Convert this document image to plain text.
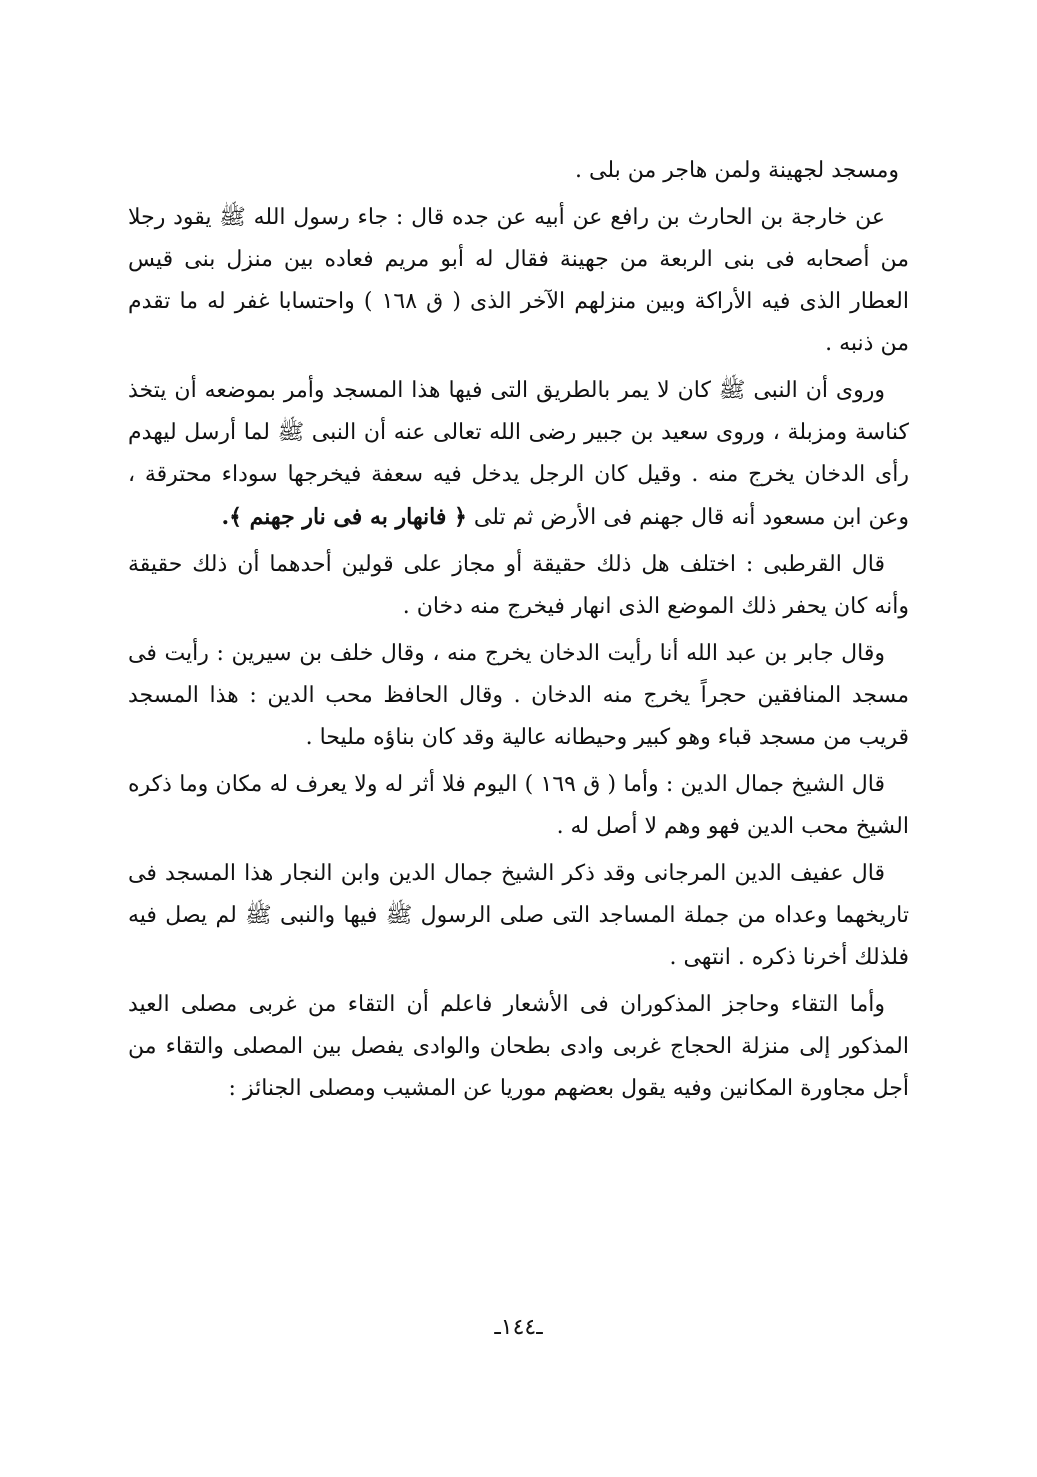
ومسجد لجهينة ولمن هاجر من بلى .

عن خارجة بن الحارث بن رافع عن أبيه عن جده قال : جاء رسول الله ﷺ يقود رجلا من أصحابه فى بنى الربعة من جهينة فقال له أبو مريم فعاده بين منزل بنى قيس العطار الذى فيه الأراكة وبين منزلهم الآخر الذى ( ق ١٦٨ ) واحتسابا غفر له ما تقدم من ذنبه .

وروى أن النبى ﷺ كان لا يمر بالطريق التى فيها هذا المسجد وأمر بموضعه أن يتخذ كناسة ومزبلة ، وروى سعيد بن جبير رضى الله تعالى عنه أن النبى ﷺ لما أرسل ليهدم رأى الدخان يخرج منه . وقيل كان الرجل يدخل فيه سعفة فيخرجها سوداء محترقة ، وعن ابن مسعود أنه قال جهنم فى الأرض ثم تلى ﴿ فانهار به فى نار جهنم ﴾.

قال القرطبى : اختلف هل ذلك حقيقة أو مجاز على قولين أحدهما أن ذلك حقيقة وأنه كان يحفر ذلك الموضع الذى انهار فيخرج منه دخان .

وقال جابر بن عبد الله أنا رأيت الدخان يخرج منه ، وقال خلف بن سيرين : رأيت فى مسجد المنافقين حجراً يخرج منه الدخان . وقال الحافظ محب الدين : هذا المسجد قريب من مسجد قباء وهو كبير وحيطانه عالية وقد كان بناؤه مليحا .

قال الشيخ جمال الدين : وأما ( ق ١٦٩ ) اليوم فلا أثر له ولا يعرف له مكان وما ذكره الشيخ محب الدين فهو وهم لا أصل له .

قال عفيف الدين المرجانى وقد ذكر الشيخ جمال الدين وابن النجار هذا المسجد فى تاريخهما وعداه من جملة المساجد التى صلى الرسول ﷺ فيها والنبى ﷺ لم يصل فيه فلذلك أخرنا ذكره . انتهى .

وأما التقاء وحاجز المذكوران فى الأشعار فاعلم أن التقاء من غربى مصلى العيد المذكور إلى منزلة الحجاج غربى وادى بطحان والوادى يفصل بين المصلى والتقاء من أجل مجاورة المكانين وفيه يقول بعضهم موريا عن المشيب ومصلى الجنائز :

ـ١٤٤ـ
